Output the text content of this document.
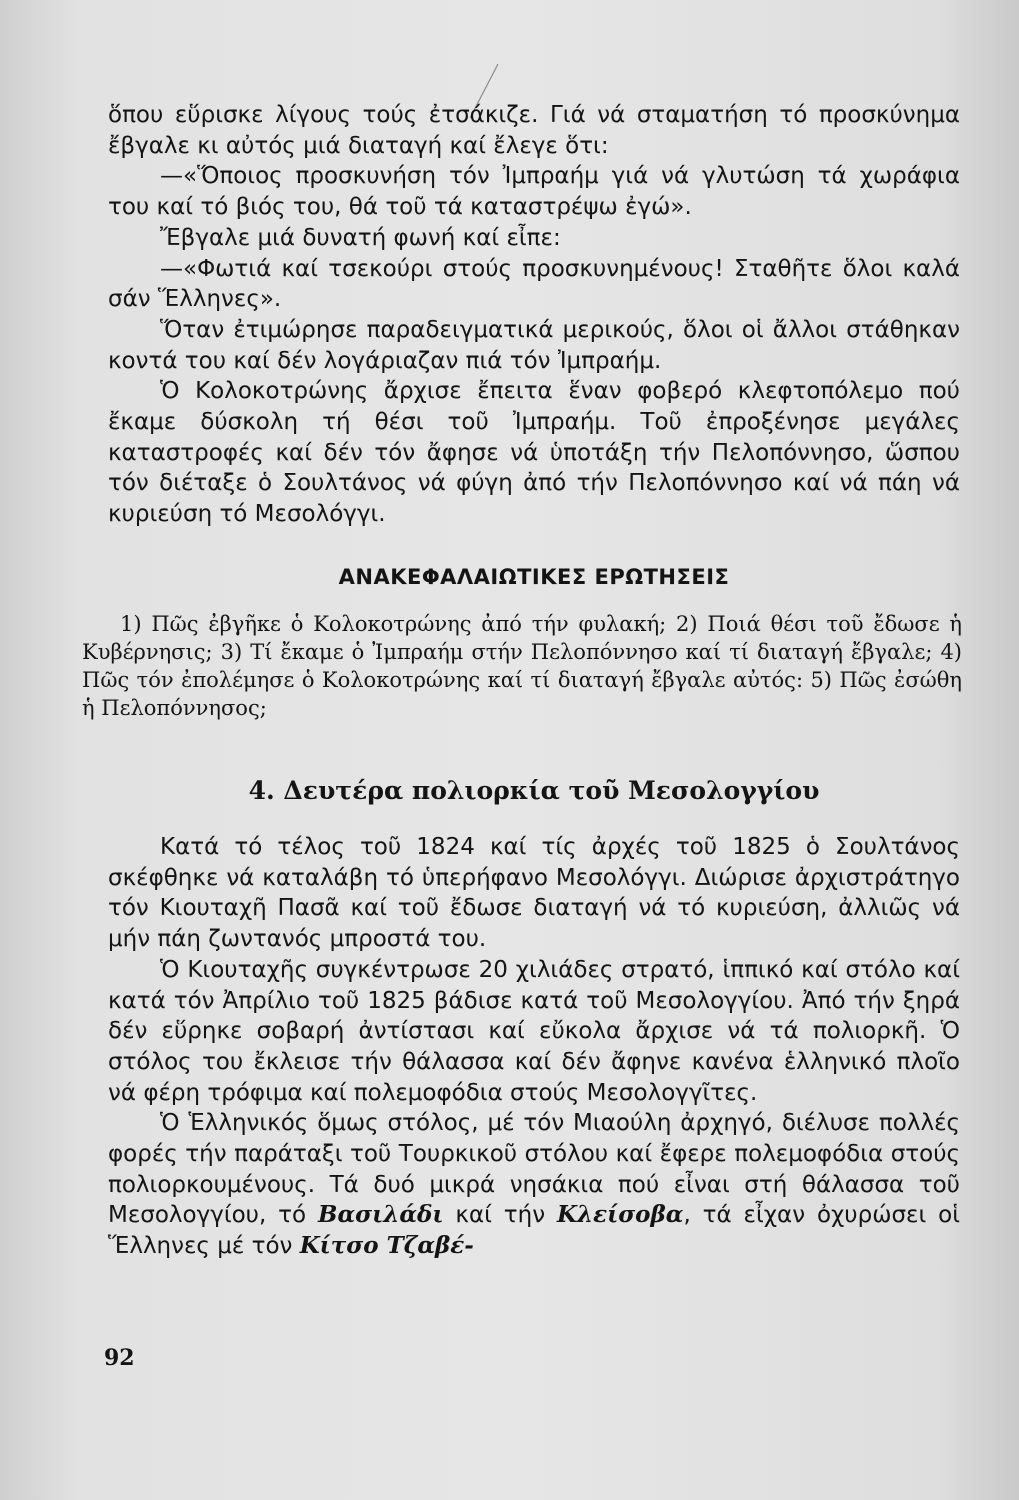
ὅπου εὕρισκε λίγους τούς ἐτσάκιζε. Γιά νά σταματήση τό προσκύνημα ἔβγαλε κι αὐτός μιά διαταγή καί ἔλεγε ὅτι:

—«Ὅποιος προσκυνήση τόν Ἰμπραήμ γιά νά γλυτώση τά χωράφια του καί τό βιός του, θά τοῦ τά καταστρέψω ἐγώ».

Ἔβγαλε μιά δυνατή φωνή καί εἶπε:

—«Φωτιά καί τσεκούρι στούς προσκυνημένους! Σταθῆτε ὅλοι καλά σάν Ἕλληνες».

Ὅταν ἐτιμώρησε παραδειγματικά μερικούς, ὅλοι οἱ ἄλλοι στάθηκαν κοντά του καί δέν λογάριαζαν πιά τόν Ἰμπραήμ.

Ὁ Κολοκοτρώνης ἄρχισε ἔπειτα ἕναν φοβερό κλεφτοπόλεμο πού ἔκαμε δύσκολη τή θέσι τοῦ Ἰμπραήμ. Τοῦ ἐπροξένησε μεγάλες καταστροφές καί δέν τόν ἄφησε νά ὑποτάξη τήν Πελοπόννησο, ὥσπου τόν διέταξε ὁ Σουλτάνος νά φύγη ἀπό τήν Πελοπόννησο καί νά πάη νά κυριεύση τό Μεσολόγγι.

ΑΝΑΚΕΦΑΛΑΙΩΤΙΚΕΣ ΕΡΩΤΗΣΕΙΣ

1) Πῶς ἐβγῆκε ὁ Κολοκοτρώνης ἀπό τήν φυλακή; 2) Ποιά θέσι τοῦ ἔδωσε ἡ Κυβέρνησις; 3) Τί ἔκαμε ὁ Ἰμπραήμ στήν Πελοπόννησο καί τί διαταγή ἔβγαλε; 4) Πῶς τόν ἐπολέμησε ὁ Κολοκοτρώνης καί τί διαταγή ἔβγαλε αὐτός: 5) Πῶς ἐσώθη ἡ Πελοπόννησος;

4. Δευτέρα πολιορκία τοῦ Μεσολογγίου

Κατά τό τέλος τοῦ 1824 καί τίς ἀρχές τοῦ 1825 ὁ Σουλτάνος σκέφθηκε νά καταλάβη τό ὑπερήφανο Μεσολόγγι. Διώρισε ἀρχιστράτηγο τόν Κιουταχῆ Πασᾶ καί τοῦ ἔδωσε διαταγή νά τό κυριεύση, ἀλλιῶς νά μήν πάη ζωντανός μπροστά του.

Ὁ Κιουταχῆς συγκέντρωσε 20 χιλιάδες στρατό, ἱππικό καί στόλο καί κατά τόν Ἀπρίλιο τοῦ 1825 βάδισε κατά τοῦ Μεσολογγίου. Ἀπό τήν ξηρά δέν εὕρηκε σοβαρή ἀντίστασι καί εὔκολα ἄρχισε νά τά πολιορκῆ. Ὁ στόλος του ἔκλεισε τήν θάλασσα καί δέν ἄφηνε κανένα ἑλληνικό πλοῖο νά φέρη τρόφιμα καί πολεμοφόδια στούς Μεσολογγῖτες.

Ὁ Ἑλληνικός ὅμως στόλος, μέ τόν Μιαούλη ἀρχηγό, διέλυσε πολλές φορές τήν παράταξι τοῦ Τουρκικοῦ στόλου καί ἔφερε πολεμοφόδια στούς πολιορκουμένους. Τά δυό μικρά νησάκια πού εἶναι στή θάλασσα τοῦ Μεσολογγίου, τό Βασιλάδι καί τήν Κλείσοβα, τά εἶχαν ὀχυρώσει οἱ Ἕλληνες μέ τόν Κίτσο Τζαβέ-

92
